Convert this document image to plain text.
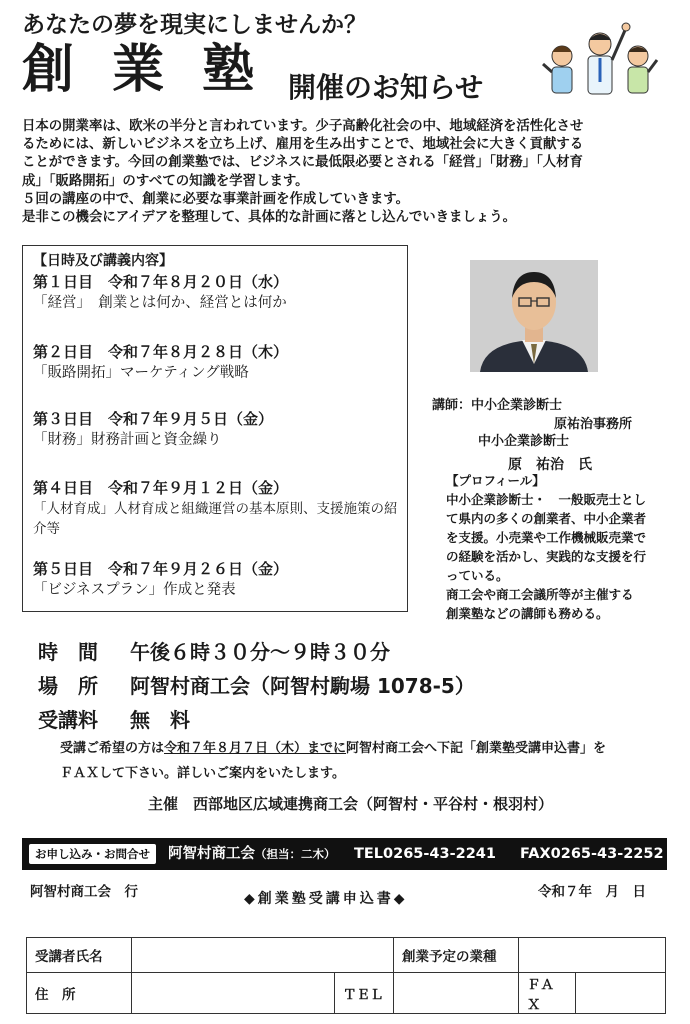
あなたの夢を現実にしませんか？
創 業 塾 開催のお知らせ

日本の開業率は、欧米の半分と言われています。少子高齢化社会の中、地域経済を活性化させ

るためには、新しいビジネスを立ち上げ、雇用を生み出すことで、地域社会に大きく貢献する

ことができます。今回の創業塾では、ビジネスに最低限必要とされる「経営」「財務」「人材育

成」「販路開拓」のすべての知識を学習します。

５回の講座の中で、創業に必要な事業計画を作成していきます。

是非この機会にアイデアを整理して、具体的な計画に落とし込んでいきましょう。

【日時及び講義内容】
第１日目　令和７年８月２０日（水）
「経営」　創業とは何か、経営とは何か
第２日目　令和７年８月２８日（木）
「販路開拓」マーケティング戦略
第３日目　令和７年９月５日（金）
「財務」財務計画と資金繰り
第４日目　令和７年９月１２日（金）
「人材育成」人材育成と組織運営の基本原則、支援施策の紹介等
第５日目　令和７年９月２６日（金）
「ビジネスプラン」作成と発表
講師：中小企業診断士
原祐治事務所
中小企業診断士
原　祐治　氏
【プロフィール】
中小企業診断士・　一般販売士とし
て県内の多くの創業者、中小企業者
を支援。小売業や工作機械販売業で
の経験を活かし、実践的な支援を行
っている。
商工会や商工会議所等が主催する
創業塾などの講師も務める。
時　間 午後６時３０分～９時３０分
場　所 阿智村商工会（阿智村駒場 1078-5）
受講料 無　料
受講ご希望の方は令和７年８月７日（木）までに阿智村商工会へ下記「創業塾受講申込書」を
ＦＡＸして下さい。詳しいご案内をいたします。
主催　西部地区広域連携商工会（阿智村・平谷村・根羽村）
お申し込み・お問合せ	阿智村商工会（担当：二木） TEL0265-43-2241 FAX0265-43-2252
阿智村商工会　行	◆創業塾受講申込書◆	令和７年　月　日
受講者氏名			創業予定の業種		
住　所		ＴＥＬ		ＦＡＸ	
